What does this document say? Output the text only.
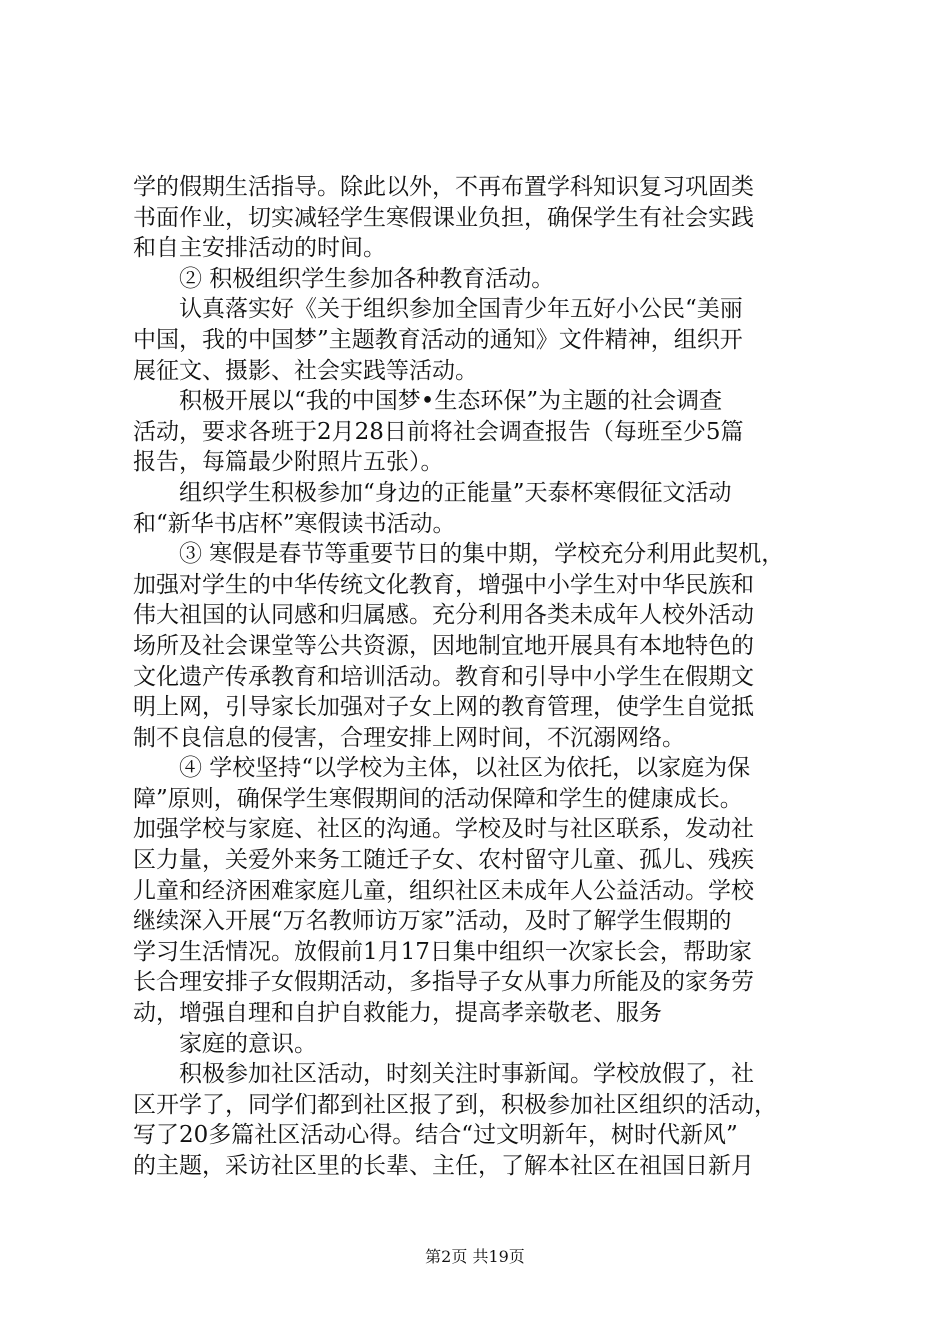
学的假期生活指导。除此以外，不再布置学科知识复习巩固类
书面作业，切实减轻学生寒假课业负担，确保学生有社会实践
和自主安排活动的时间。
② 积极组织学生参加各种教育活动。
认真落实好《关于组织参加全国青少年五好小公民“美丽
中国，我的中国梦”主题教育活动的通知》文件精神，组织开
展征文、摄影、社会实践等活动。
积极开展以“我的中国梦•生态环保”为主题的社会调查
活动，要求各班于2月28日前将社会调查报告（每班至少5篇
报告，每篇最少附照片五张）。
组织学生积极参加“身边的正能量”天泰杯寒假征文活动
和“新华书店杯”寒假读书活动。
③ 寒假是春节等重要节日的集中期，学校充分利用此契机，
加强对学生的中华传统文化教育，增强中小学生对中华民族和
伟大祖国的认同感和归属感。充分利用各类未成年人校外活动
场所及社会课堂等公共资源，因地制宜地开展具有本地特色的
文化遗产传承教育和培训活动。教育和引导中小学生在假期文
明上网，引导家长加强对子女上网的教育管理，使学生自觉抵
制不良信息的侵害，合理安排上网时间，不沉溺网络。
④ 学校坚持“以学校为主体，以社区为依托，以家庭为保
障”原则，确保学生寒假期间的活动保障和学生的健康成长。
加强学校与家庭、社区的沟通。学校及时与社区联系，发动社
区力量，关爱外来务工随迁子女、农村留守儿童、孤儿、残疾
儿童和经济困难家庭儿童，组织社区未成年人公益活动。学校
继续深入开展“万名教师访万家”活动，及时了解学生假期的
学习生活情况。放假前1月17日集中组织一次家长会，帮助家
长合理安排子女假期活动，多指导子女从事力所能及的家务劳
动，增强自理和自护自救能力，提高孝亲敬老、服务
家庭的意识。
积极参加社区活动，时刻关注时事新闻。学校放假了，社
区开学了，同学们都到社区报了到，积极参加社区组织的活动，
写了20多篇社区活动心得。结合“过文明新年，树时代新风”
的主题，采访社区里的长辈、主任，了解本社区在祖国日新月
第2页 共19页
